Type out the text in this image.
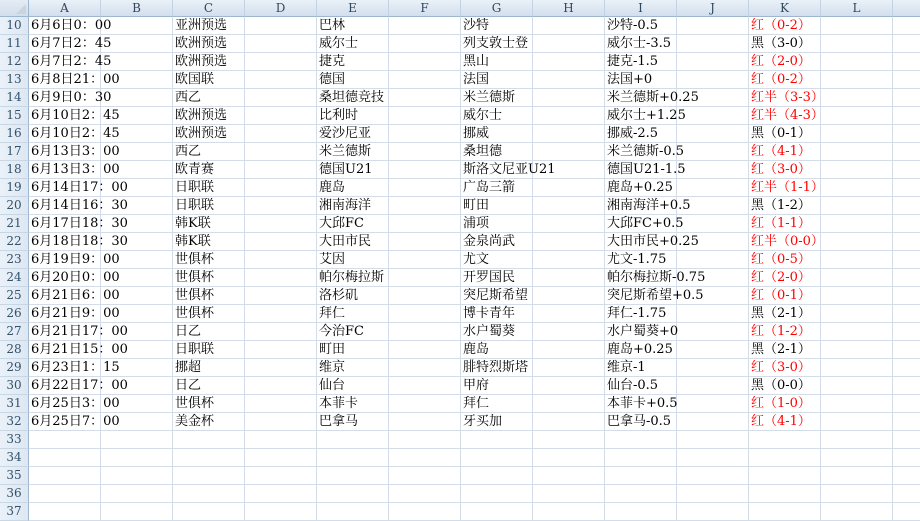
A	B	C	D	E	F	G	H	I	J	K	L
10 6月6日0：00	亚洲预选	巴林	沙特	沙特-0.5	红（0-2）
11 6月7日2：45	欧洲预选	威尔士	列支敦士登	威尔士-3.5	黑（3-0）
12 6月7日2：45	欧洲预选	捷克	黑山	捷克-1.5	红（2-0）
13 6月8日21：00	欧国联	德国	法国	法国+0	红（0-2）
14 6月9日0：30	西乙	桑坦德竞技	米兰德斯	米兰德斯+0.25	红半（3-3）
15 6月10日2：45	欧洲预选	比利时	威尔士	威尔士+1.25	红半（4-3）
16 6月10日2：45	欧洲预选	爱沙尼亚	挪威	挪威-2.5	黑（0-1）
17 6月13日3：00	西乙	米兰德斯	桑坦德	米兰德斯-0.5	红（4-1）
18 6月13日3：00	欧青赛	德国U21	斯洛文尼亚U21	德国U21-1.5	红（3-0）
19 6月14日17：00	日职联	鹿岛	广岛三箭	鹿岛+0.25	红半（1-1）
20 6月14日16：30	日职联	湘南海洋	町田	湘南海洋+0.5	黑（1-2）
21 6月17日18：30	韩K联	大邱FC	浦项	大邱FC+0.5	红（1-1）
22 6月18日18：30	韩K联	大田市民	金泉尚武	大田市民+0.25	红半（0-0）
23 6月19日9：00	世俱杯	艾因	尤文	尤文-1.75	红（0-5）
24 6月20日0：00	世俱杯	帕尔梅拉斯	开罗国民	帕尔梅拉斯-0.75	红（2-0）
25 6月21日6：00	世俱杯	洛杉矶	突尼斯希望	突尼斯希望+0.5	红（0-1）
26 6月21日9：00	世俱杯	拜仁	博卡青年	拜仁-1.75	黑（2-1）
27 6月21日17：00	日乙	今治FC	水户蜀葵	水户蜀葵+0	红（1-2）
28 6月21日15：00	日职联	町田	鹿岛	鹿岛+0.25	黑（2-1）
29 6月23日1：15	挪超	维京	腓特烈斯塔	维京-1	红（3-0）
30 6月22日17：00	日乙	仙台	甲府	仙台-0.5	黑（0-0）
31 6月25日3：00	世俱杯	本菲卡	拜仁	本菲卡+0.5	红（1-0）
32 6月25日7：00	美金杯	巴拿马	牙买加	巴拿马-0.5	红（4-1）
33
34
35
36
37
